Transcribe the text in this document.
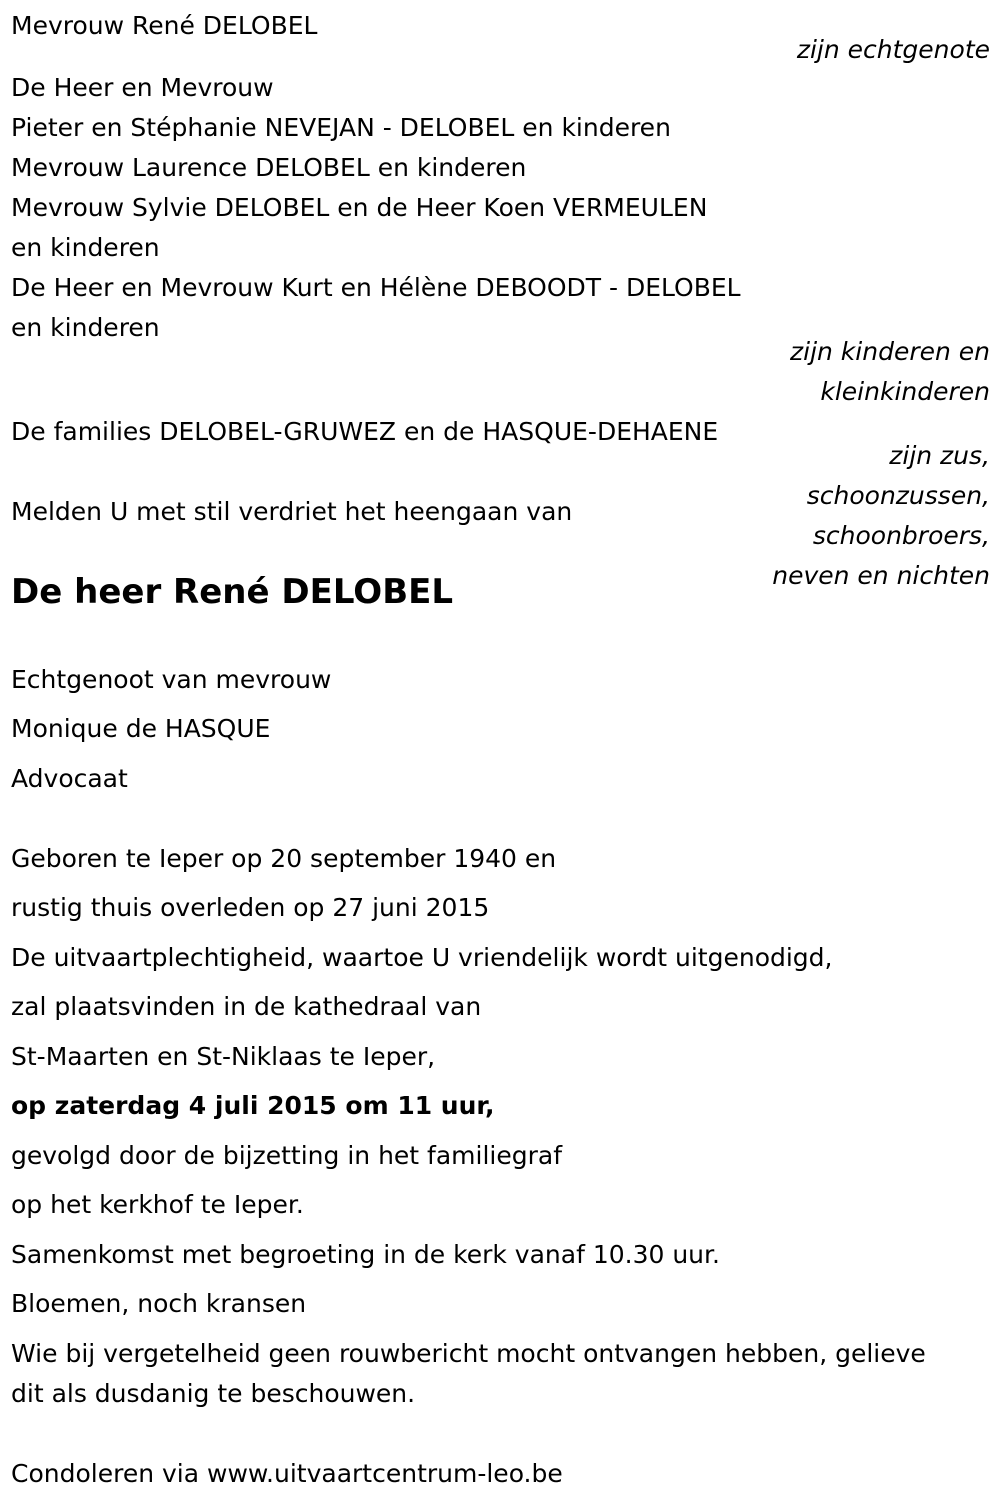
Mevrouw René DELOBEL

zijn echtgenote

De Heer en Mevrouw

Pieter en Stéphanie NEVEJAN - DELOBEL en kinderen

Mevrouw Laurence DELOBEL en kinderen

Mevrouw Sylvie DELOBEL en de Heer Koen VERMEULEN

en kinderen

De Heer en Mevrouw Kurt en Hélène DEBOODT - DELOBEL

en kinderen

zijn kinderen en

kleinkinderen

De families DELOBEL-GRUWEZ en de HASQUE-DEHAENE

zijn zus,

schoonzussen,

schoonbroers,

neven en nichten

Melden U met stil verdriet het heengaan van

De heer René DELOBEL

Echtgenoot van mevrouw

Monique de HASQUE

Advocaat

Geboren te Ieper op 20 september 1940 en

rustig thuis overleden op 27 juni 2015

De uitvaartplechtigheid, waartoe U vriendelijk wordt uitgenodigd,

zal plaatsvinden in de kathedraal van

St-Maarten en St-Niklaas te Ieper,

op zaterdag 4 juli 2015 om 11 uur,

gevolgd door de bijzetting in het familiegraf

op het kerkhof te Ieper.

Samenkomst met begroeting in de kerk vanaf 10.30 uur.

Bloemen, noch kransen

Wie bij vergetelheid geen rouwbericht mocht ontvangen hebben, gelieve

dit als dusdanig te beschouwen.

Condoleren via www.uitvaartcentrum-leo.be
